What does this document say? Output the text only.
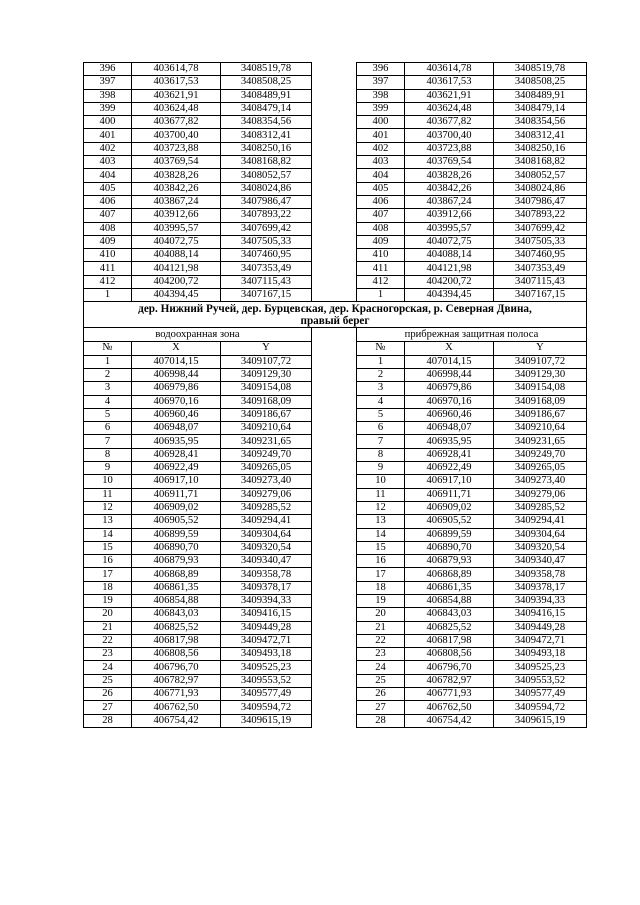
396	403614,78	3408519,78		396	403614,78	3408519,78
397	403617,53	3408508,25		397	403617,53	3408508,25
398	403621,91	3408489,91		398	403621,91	3408489,91
399	403624,48	3408479,14		399	403624,48	3408479,14
400	403677,82	3408354,56		400	403677,82	3408354,56
401	403700,40	3408312,41		401	403700,40	3408312,41
402	403723,88	3408250,16		402	403723,88	3408250,16
403	403769,54	3408168,82		403	403769,54	3408168,82
404	403828,26	3408052,57		404	403828,26	3408052,57
405	403842,26	3408024,86		405	403842,26	3408024,86
406	403867,24	3407986,47		406	403867,24	3407986,47
407	403912,66	3407893,22		407	403912,66	3407893,22
408	403995,57	3407699,42		408	403995,57	3407699,42
409	404072,75	3407505,33		409	404072,75	3407505,33
410	404088,14	3407460,95		410	404088,14	3407460,95
411	404121,98	3407353,49		411	404121,98	3407353,49
412	404200,72	3407115,43		412	404200,72	3407115,43
1	404394,45	3407167,15		1	404394,45	3407167,15

дер. Нижний Ручей, дер. Бурцевская, дер. Красногорская, р. Северная Двина,
правый берег						

водоохранная зона				прибрежная защитная полоса		
№	X	Y		№	X	Y
1	407014,15	3409107,72		1	407014,15	3409107,72
2	406998,44	3409129,30		2	406998,44	3409129,30
3	406979,86	3409154,08		3	406979,86	3409154,08
4	406970,16	3409168,09		4	406970,16	3409168,09
5	406960,46	3409186,67		5	406960,46	3409186,67
6	406948,07	3409210,64		6	406948,07	3409210,64
7	406935,95	3409231,65		7	406935,95	3409231,65
8	406928,41	3409249,70		8	406928,41	3409249,70
9	406922,49	3409265,05		9	406922,49	3409265,05
10	406917,10	3409273,40		10	406917,10	3409273,40
11	406911,71	3409279,06		11	406911,71	3409279,06
12	406909,02	3409285,52		12	406909,02	3409285,52
13	406905,52	3409294,41		13	406905,52	3409294,41
14	406899,59	3409304,64		14	406899,59	3409304,64
15	406890,70	3409320,54		15	406890,70	3409320,54
16	406879,93	3409340,47		16	406879,93	3409340,47
17	406868,89	3409358,78		17	406868,89	3409358,78
18	406861,35	3409378,17		18	406861,35	3409378,17
19	406854,88	3409394,33		19	406854,88	3409394,33
20	406843,03	3409416,15		20	406843,03	3409416,15
21	406825,52	3409449,28		21	406825,52	3409449,28
22	406817,98	3409472,71		22	406817,98	3409472,71
23	406808,56	3409493,18		23	406808,56	3409493,18
24	406796,70	3409525,23		24	406796,70	3409525,23
25	406782,97	3409553,52		25	406782,97	3409553,52
26	406771,93	3409577,49		26	406771,93	3409577,49
27	406762,50	3409594,72		27	406762,50	3409594,72
28	406754,42	3409615,19		28	406754,42	3409615,19
